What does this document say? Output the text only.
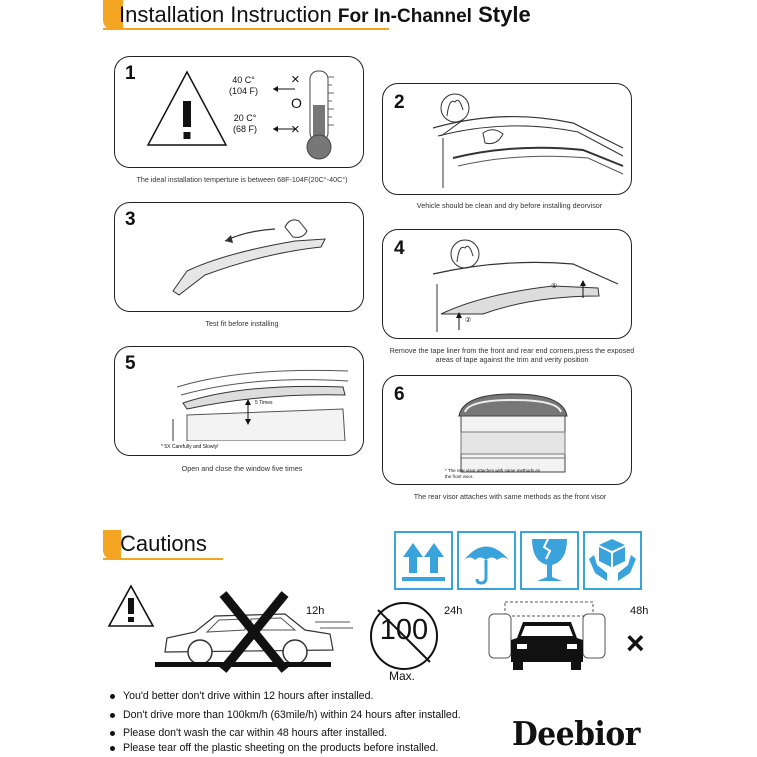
Installation Instruction For In-Channel Style
1	40 C°
(104 F)
20 C°
(68 F)
×
O
×
The ideal installation temperture is between 68F-104F(20C°-40C°)
2
Vehicle should be clean and dry before installing deorvisor
3
Test fit before installing
4
①
②
Remove the tape liner from the front and rear end corners,press the exposed areas of tape against the trim and verity position
5
5 Times
* 5X Carefully and Slowly!
Open and close the window five times
6
* The rear visor attaches with same methods as the front visor.
The rear visor attaches with same methods as the front visor
Cautions
12h
100
Max.
24h	48h
×
You'd better don't drive within 12 hours after installed.
Don't drive more than 100km/h (63mile/h) within 24 hours after installed.
Please don't wash the car within 48 hours after installed.
Please tear off the plastic sheeting on the products before installed. Deebior
